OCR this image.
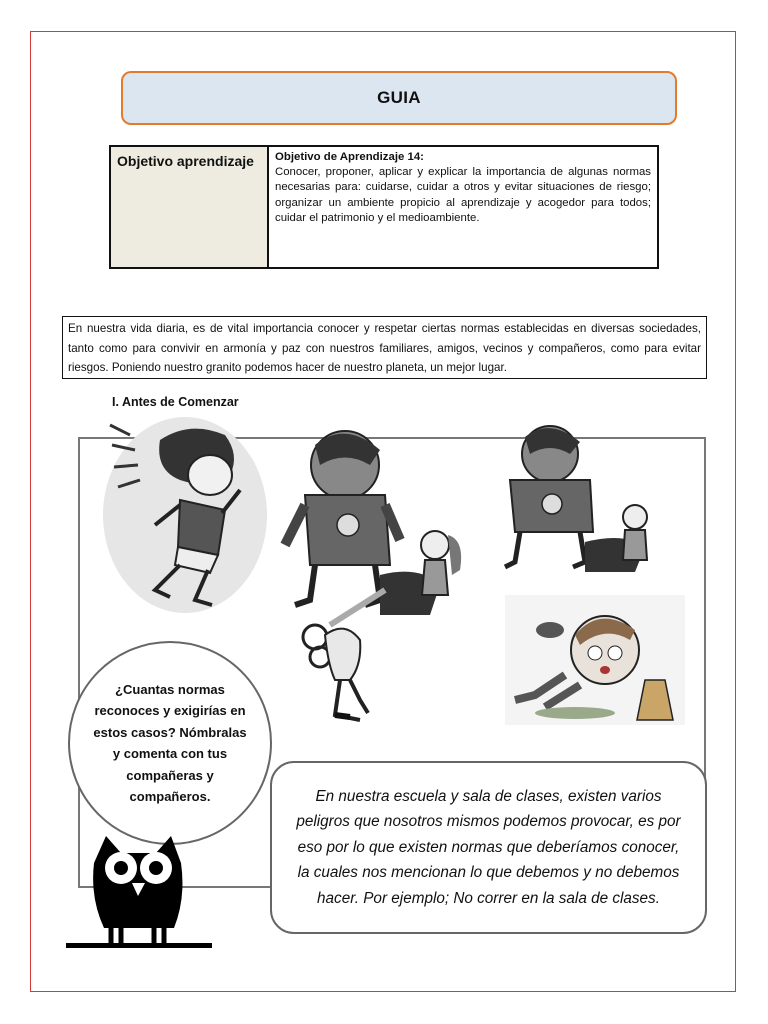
GUIA
Objetivo aprendizaje	Objetivo de Aprendizaje 14:
Conocer, proponer, aplicar y explicar la importancia de algunas normas necesarias para: cuidarse, cuidar a otros y evitar situaciones de riesgo; organizar un ambiente propicio al aprendizaje y acogedor para todos; cuidar el patrimonio y el medioambiente.
En nuestra vida diaria, es de vital importancia conocer y respetar ciertas normas establecidas en diversas sociedades, tanto como para convivir en armonía y paz con nuestros familiares, amigos, vecinos y compañeros, como para evitar riesgos. Poniendo nuestro granito podemos hacer de nuestro planeta, un mejor lugar.
I. Antes de Comenzar
¿Cuantas normas reconoces y exigirías en estos casos? Nómbralas y comenta con tus compañeras y compañeros.	En nuestra escuela y sala de clases, existen varios peligros que nosotros mismos podemos provocar, es por eso por lo que existen normas que deberíamos conocer, la cuales nos mencionan lo que debemos y no debemos hacer. Por ejemplo; No correr en la sala de clases.
